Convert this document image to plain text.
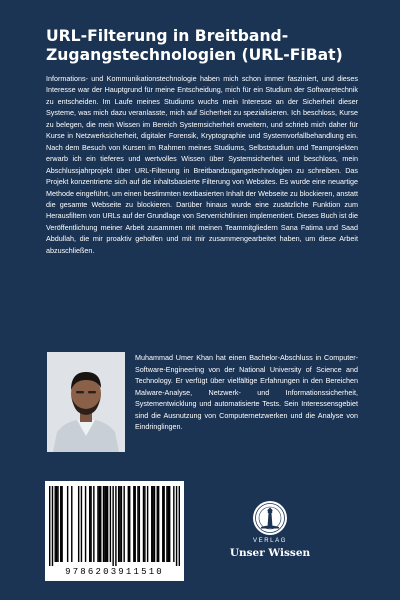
URL-Filterung in Breitband-
Zugangstechnologien (URL-FiBat)

Informations- und Kommunikationstechnologie haben mich schon immer fasziniert, und dieses Interesse war der Hauptgrund für meine Entscheidung, mich für ein Studium der Softwaretechnik zu entscheiden. Im Laufe meines Studiums wuchs mein Interesse an der Sicherheit dieser Systeme, was mich dazu veranlasste, mich auf Sicherheit zu spezialisieren. Ich beschloss, Kurse zu belegen, die mein Wissen im Bereich Systemsicherheit erweitern, und schrieb mich daher für Kurse in Netzwerksicherheit, digitaler Forensik, Kryptographie und Systemvorfallbehandlung ein. Nach dem Besuch von Kursen im Rahmen meines Studiums, Selbststudium und Teamprojekten erwarb ich ein tieferes und wertvolles Wissen über Systemsicherheit und beschloss, mein Abschlussjahrprojekt über URL-Filterung in Breitbandzugangstechnologien zu schreiben. Das Projekt konzentrierte sich auf die inhaltsbasierte Filterung von Websites. Es wurde eine neuartige Methode eingeführt, um einen bestimmten textbasierten Inhalt der Webseite zu blockieren, anstatt die gesamte Webseite zu blockieren. Darüber hinaus wurde eine zusätzliche Funktion zum Herausfiltern von URLs auf der Grundlage von Serverrichtlinien implementiert. Dieses Buch ist die Veröffentlichung meiner Arbeit zusammen mit meinen Teammitgliedern Sana Fatima und Saad Abdullah, die mir proaktiv geholfen und mit mir zusammengearbeitet haben, um diese Arbeit abzuschließen.

Muhammad Umer Khan hat einen Bachelor-Abschluss in Computer-Software-Engineering von der National University of Science and Technology. Er verfügt über vielfältige Erfahrungen in den Bereichen Malware-Analyse, Netzwerk- und Informationssicherheit, Systementwicklung und automatisierte Tests. Sein Interessensgebiet sind die Ausnutzung von Computernetzwerken und die Analyse von Eindringlingen.

9786203911510
VERLAG
Unser Wissen
